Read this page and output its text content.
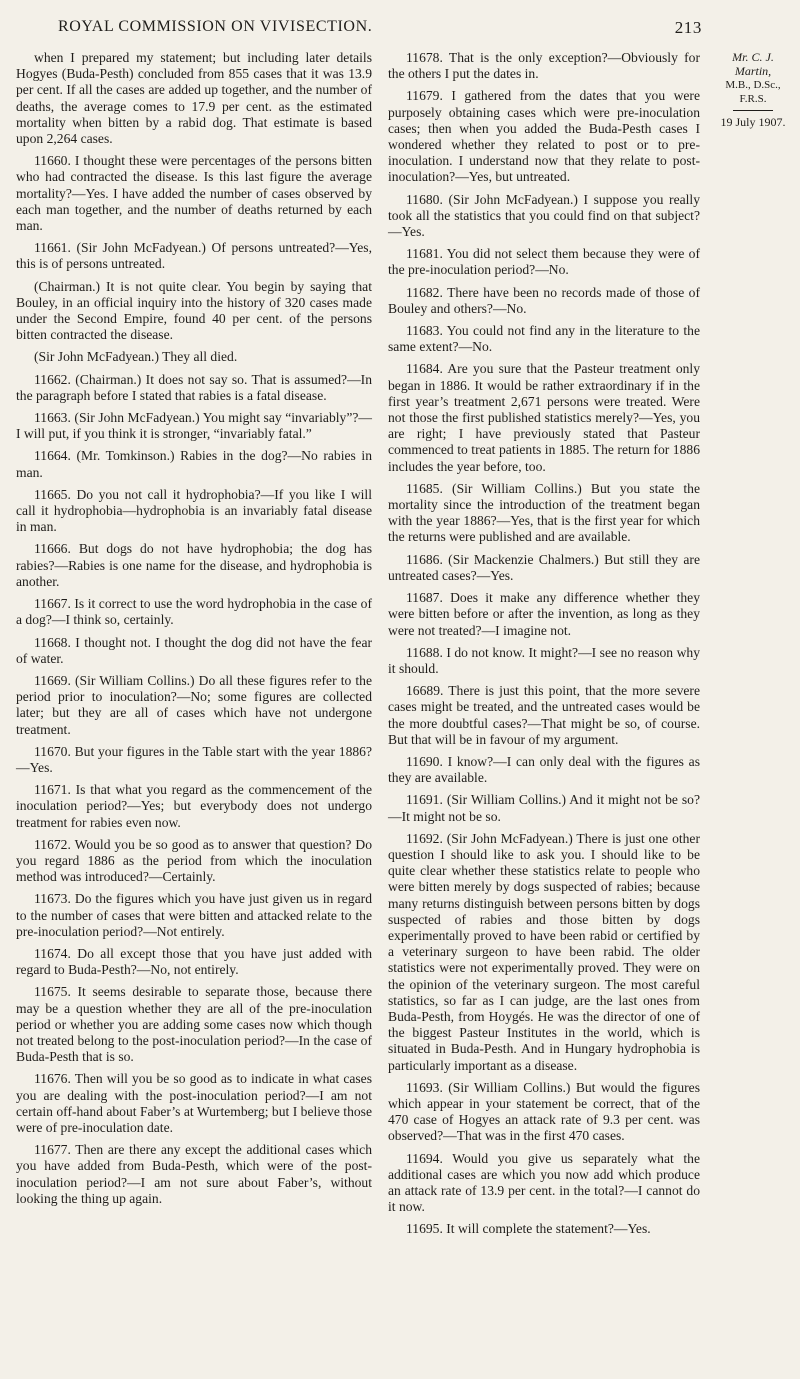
ROYAL COMMISSION ON VIVISECTION.	213

when I prepared my statement; but including later details Hogyes (Buda-Pesth) concluded from 855 cases that it was 13.9 per cent. If all the cases are added up together, and the number of deaths, the average comes to 17.9 per cent. as the estimated mortality when bitten by a rabid dog. That estimate is based upon 2,264 cases.

11660. I thought these were percentages of the persons bitten who had contracted the disease. Is this last figure the average mortality?—Yes. I have added the number of cases observed by each man together, and the number of deaths returned by each man.

11661. (Sir John McFadyean.) Of persons untreated?—Yes, this is of persons untreated.

(Chairman.) It is not quite clear. You begin by saying that Bouley, in an official inquiry into the history of 320 cases made under the Second Empire, found 40 per cent. of the persons bitten contracted the disease.

(Sir John McFadyean.) They all died.

11662. (Chairman.) It does not say so. That is assumed?—In the paragraph before I stated that rabies is a fatal disease.

11663. (Sir John McFadyean.) You might say “invariably”?—I will put, if you think it is stronger, “invariably fatal.”

11664. (Mr. Tomkinson.) Rabies in the dog?—No rabies in man.

11665. Do you not call it hydrophobia?—If you like I will call it hydrophobia—hydrophobia is an invariably fatal disease in man.

11666. But dogs do not have hydrophobia; the dog has rabies?—Rabies is one name for the disease, and hydrophobia is another.

11667. Is it correct to use the word hydrophobia in the case of a dog?—I think so, certainly.

11668. I thought not. I thought the dog did not have the fear of water.

11669. (Sir William Collins.) Do all these figures refer to the period prior to inoculation?—No; some figures are collected later; but they are all of cases which have not undergone treatment.

11670. But your figures in the Table start with the year 1886?—Yes.

11671. Is that what you regard as the commencement of the inoculation period?—Yes; but everybody does not undergo treatment for rabies even now.

11672. Would you be so good as to answer that question? Do you regard 1886 as the period from which the inoculation method was introduced?—Certainly.

11673. Do the figures which you have just given us in regard to the number of cases that were bitten and attacked relate to the pre-inoculation period?—Not entirely.

11674. Do all except those that you have just added with regard to Buda-Pesth?—No, not entirely.

11675. It seems desirable to separate those, because there may be a question whether they are all of the pre-inoculation period or whether you are adding some cases now which though not treated belong to the post-inoculation period?—In the case of Buda-Pesth that is so.

11676. Then will you be so good as to indicate in what cases you are dealing with the post-inoculation period?—I am not certain off-hand about Faber’s at Wurtemberg; but I believe those were of pre-inoculation date.

11677. Then are there any except the additional cases which you have added from Buda-Pesth, which were of the post-inoculation period?—I am not sure about Faber’s, without looking the thing up again.

11678. That is the only exception?—Obviously for the others I put the dates in.

11679. I gathered from the dates that you were purposely obtaining cases which were pre-inoculation cases; then when you added the Buda-Pesth cases I wondered whether they related to post or to pre-inoculation. I understand now that they relate to post-inoculation?—Yes, but untreated.

11680. (Sir John McFadyean.) I suppose you really took all the statistics that you could find on that subject?—Yes.

11681. You did not select them because they were of the pre-inoculation period?—No.

11682. There have been no records made of those of Bouley and others?—No.

11683. You could not find any in the literature to the same extent?—No.

11684. Are you sure that the Pasteur treatment only began in 1886. It would be rather extraordinary if in the first year’s treatment 2,671 persons were treated. Were not those the first published statistics merely?—Yes, you are right; I have previously stated that Pasteur commenced to treat patients in 1885. The return for 1886 includes the year before, too.

11685. (Sir William Collins.) But you state the mortality since the introduction of the treatment began with the year 1886?—Yes, that is the first year for which the returns were published and are available.

11686. (Sir Mackenzie Chalmers.) But still they are untreated cases?—Yes.

11687. Does it make any difference whether they were bitten before or after the invention, as long as they were not treated?—I imagine not.

11688. I do not know. It might?—I see no reason why it should.

16689. There is just this point, that the more severe cases might be treated, and the untreated cases would be the more doubtful cases?—That might be so, of course. But that will be in favour of my argument.

11690. I know?—I can only deal with the figures as they are available.

11691. (Sir William Collins.) And it might not be so?—It might not be so.

11692. (Sir John McFadyean.) There is just one other question I should like to ask you. I should like to be quite clear whether these statistics relate to people who were bitten merely by dogs suspected of rabies; because many returns distinguish between persons bitten by dogs suspected of rabies and those bitten by dogs experimentally proved to have been rabid or certified by a veterinary surgeon to have been rabid. The older statistics were not experimentally proved. They were on the opinion of the veterinary surgeon. The most careful statistics, so far as I can judge, are the last ones from Buda-Pesth, from Hoygés. He was the director of one of the biggest Pasteur Institutes in the world, which is situated in Buda-Pesth. And in Hungary hydrophobia is particularly important as a disease.

11693. (Sir William Collins.) But would the figures which appear in your statement be correct, that of the 470 case of Hogyes an attack rate of 9.3 per cent. was observed?—That was in the first 470 cases.

11694. Would you give us separately what the additional cases are which you now add which produce an attack rate of 13.9 per cent. in the total?—I cannot do it now.

11695. It will complete the statement?—Yes.

Mr. C. J.
Martin,
M.B., D.Sc.,
F.R.S.
19 July 1907.
